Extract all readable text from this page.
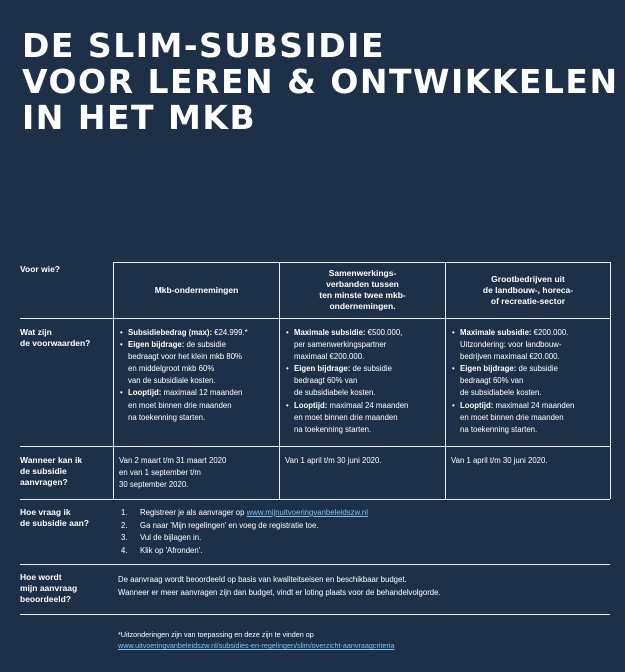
DE SLIM-SUBSIDIE
VOOR LEREN & ONTWIKKELEN
IN HET MKB
Voor wie?
Wat zijn
de voorwaarden?
Wanneer kan ik
de subsidie
aanvragen?
Hoe vraag ik
de subsidie aan?
Hoe wordt
mijn aanvraag
beoordeeld?
Mkb-ondernemingen
Samenwerkings-
verbanden tussen
ten minste twee mkb-
ondernemingen.
Grootbedrijven uit
de landbouw-, horeca-
of recreatie-sector
• Subsidiebedrag (max): €24.999.*
• Eigen bijdrage: de subsidie
bedraagt voor het klein mkb 80%
en middelgroot mkb 60%
van de subsidiale kosten.
• Looptijd: maximaal 12 maanden
en moet binnen drie maanden
na toekenning starten.
• Maximale subsidie: €500.000,
per samenwerkingspartner
maximaal €200.000.
• Eigen bijdrage: de subsidie
bedraagt 60% van
de subsidiabele kosten.
• Looptijd: maximaal 24 maanden
en moet binnen drie maanden
na toekenning starten.
• Maximale subsidie: €200.000.
Uitzondering: voor landbouw-
bedrijven maximaal €20.000.
• Eigen bijdrage: de subsidie
bedraagt 60% van
de subsidiabele kosten.
• Looptijd: maximaal 24 maanden
en moet binnen drie maanden
na toekenning starten.
Van 2 maart t/m 31 maart 2020
en van 1 september t/m
30 september 2020.
Van 1 april t/m 30 juni 2020.	Van 1 april t/m 30 juni 2020.
1. Registreer je als aanvrager op www.mijnuitvoeringvanbeleidszw.nl
2. Ga naar 'Mijn regelingen' en voeg de registratie toe.
3. Vul de bijlagen in.
4. Klik op 'Afronden'.
De aanvraag wordt beoordeeld op basis van kwaliteitseisen en beschikbaar budget.
Wanneer er meer aanvragen zijn dan budget, vindt er loting plaats voor de behandelvolgorde.
*Uitzonderingen zijn van toepassing en deze zijn te vinden op
www.uitvoeringvanbeleidszw.nl/subsidies-en-regelingen/slim/overzicht-aanvraagcriteria
